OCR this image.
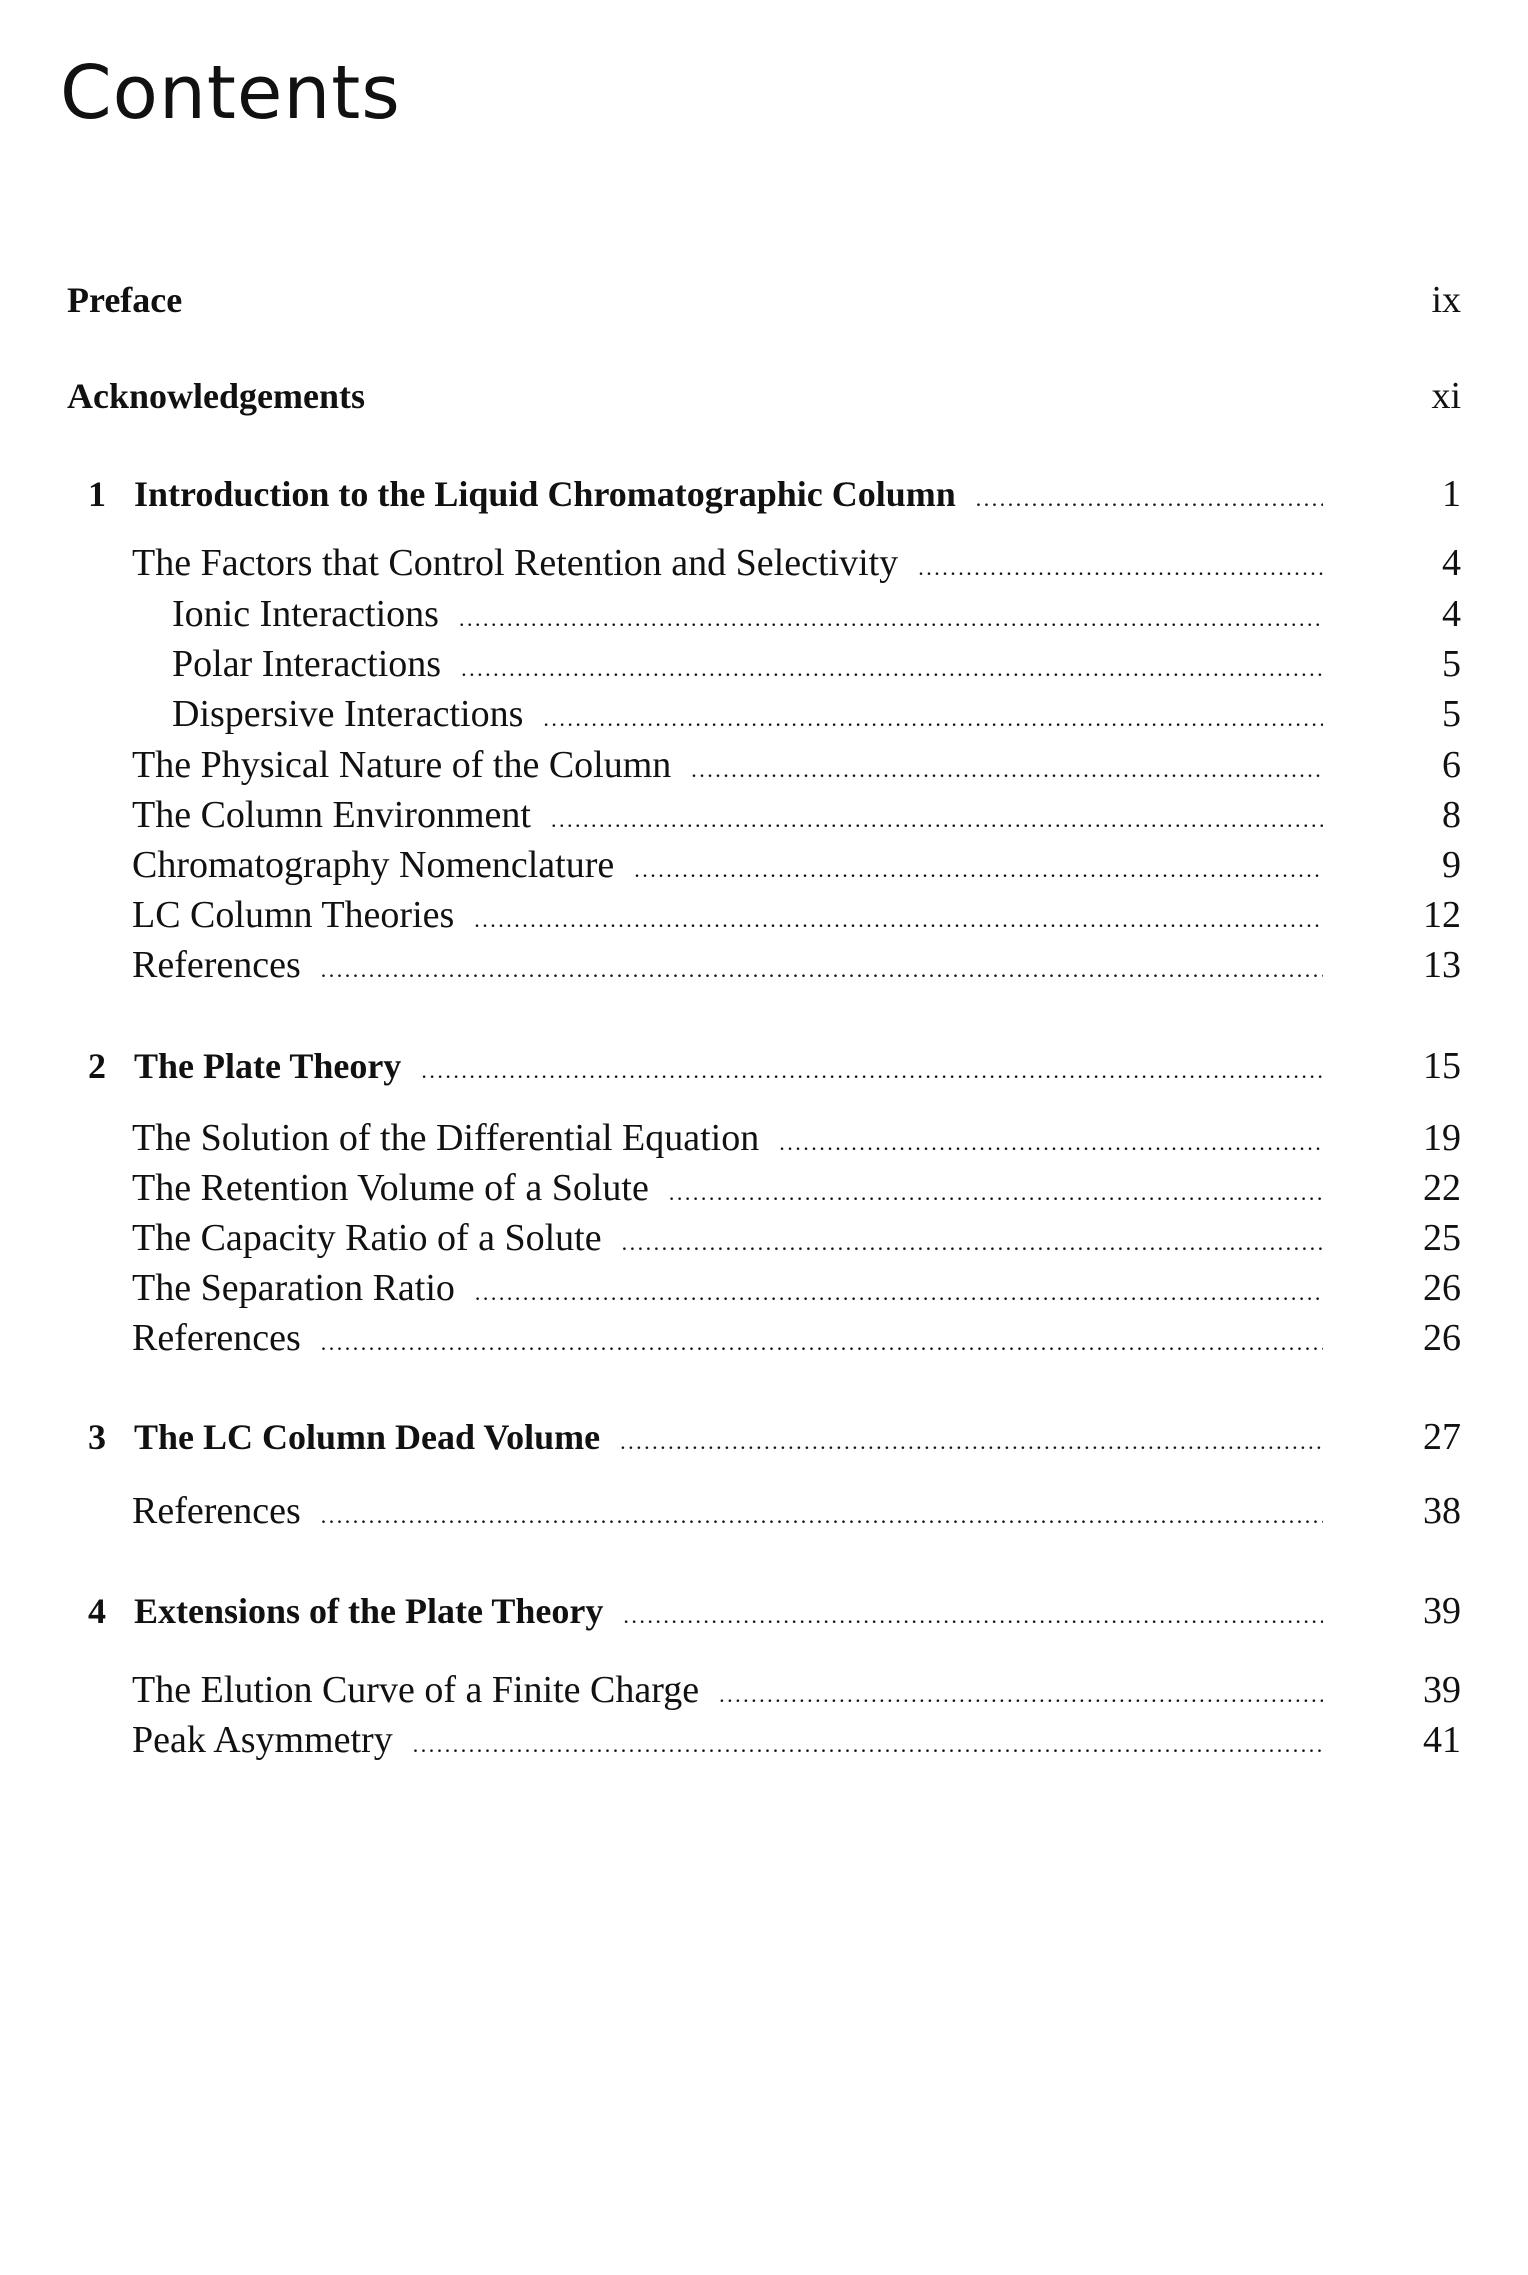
Contents
Preface	ix
Acknowledgements	xi
1 Introduction to the Liquid Chromatographic Column . . .	1
The Factors that Control Retention and Selectivity . . .	4
Ionic Interactions . . .	4
Polar Interactions . . .	5
Dispersive Interactions . . .	5
The Physical Nature of the Column . . .	6
The Column Environment . . .	8
Chromatography Nomenclature . . .	9
LC Column Theories . . .	12
References . . .	13
2 The Plate Theory . . .	15
The Solution of the Differential Equation . . .	19
The Retention Volume of a Solute . . .	22
The Capacity Ratio of a Solute . . .	25
The Separation Ratio . . .	26
References . . .	26
3 The LC Column Dead Volume . . .	27
References . . .	38
4 Extensions of the Plate Theory . . .	39
The Elution Curve of a Finite Charge . . .	39
Peak Asymmetry . . .	41
